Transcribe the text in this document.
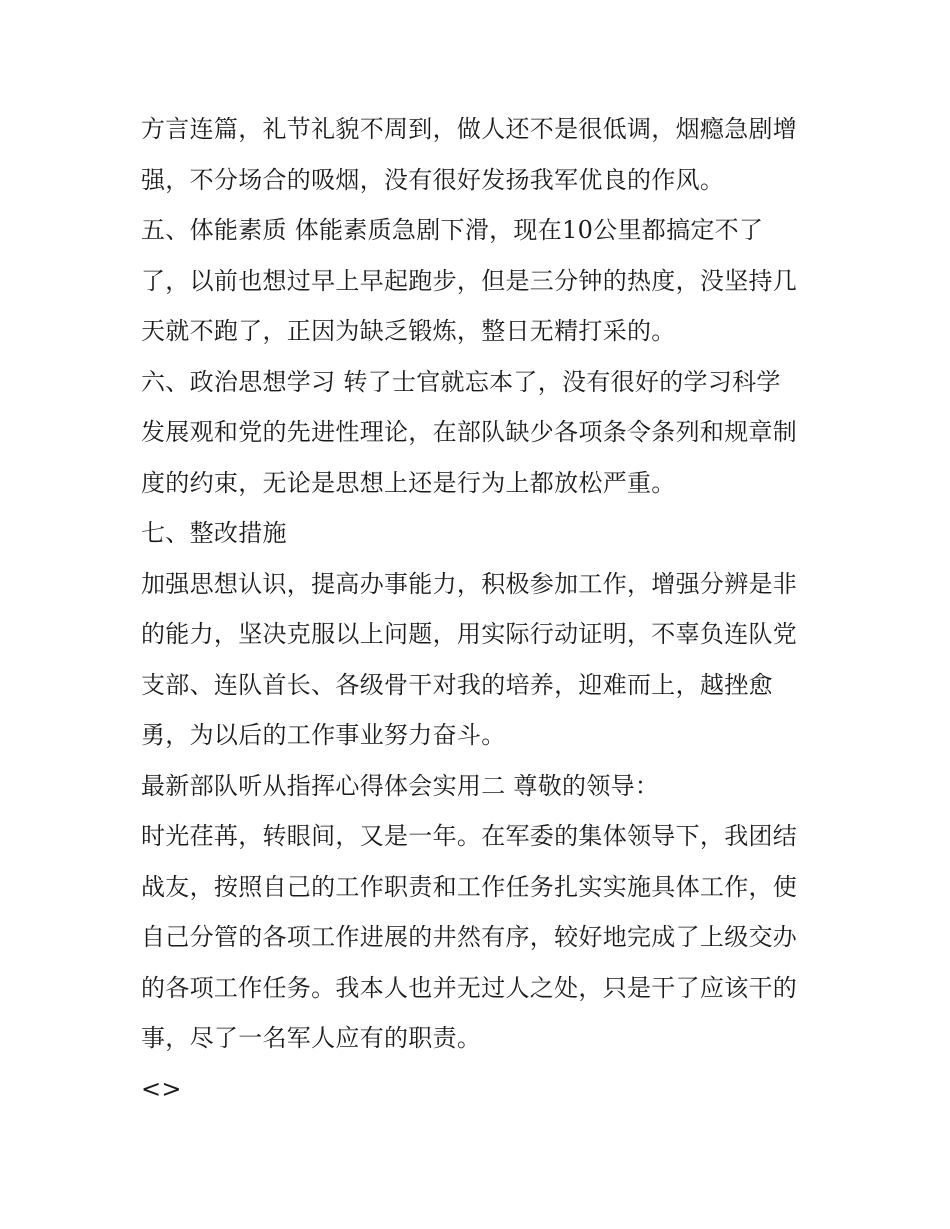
方言连篇，礼节礼貌不周到，做人还不是很低调，烟瘾急剧增
强，不分场合的吸烟，没有很好发扬我军优良的作风。
五、体能素质 体能素质急剧下滑，现在10公里都搞定不了
了，以前也想过早上早起跑步，但是三分钟的热度，没坚持几
天就不跑了，正因为缺乏锻炼，整日无精打采的。
六、政治思想学习 转了士官就忘本了，没有很好的学习科学
发展观和党的先进性理论，在部队缺少各项条令条列和规章制
度的约束，无论是思想上还是行为上都放松严重。
七、整改措施
加强思想认识，提高办事能力，积极参加工作，增强分辨是非
的能力，坚决克服以上问题，用实际行动证明，不辜负连队党
支部、连队首长、各级骨干对我的培养，迎难而上，越挫愈
勇，为以后的工作事业努力奋斗。
最新部队听从指挥心得体会实用二 尊敬的领导：
时光荏苒，转眼间，又是一年。在军委的集体领导下，我团结
战友，按照自己的工作职责和工作任务扎实实施具体工作，使
自己分管的各项工作进展的井然有序，较好地完成了上级交办
的各项工作任务。我本人也并无过人之处，只是干了应该干的
事，尽了一名军人应有的职责。
<>
